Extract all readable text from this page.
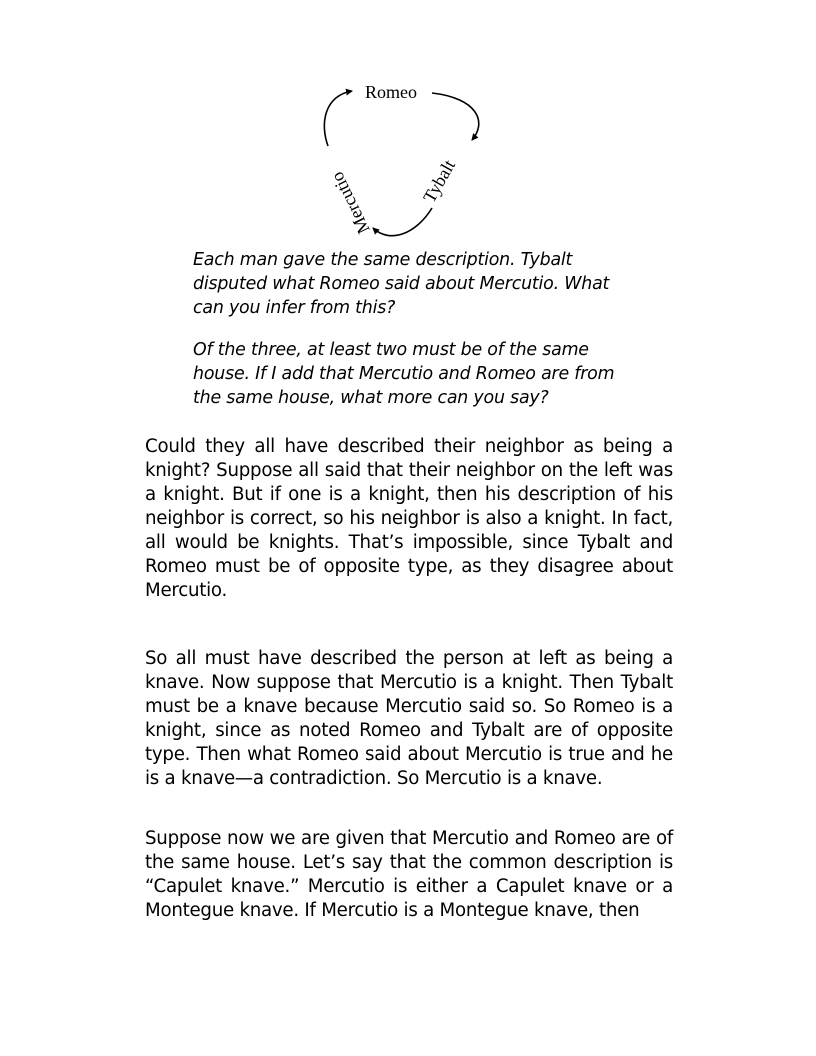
Romeo
Tybalt
Mercutio

Each man gave the same description. Tybalt disputed what Romeo said about Mercutio. What can you infer from this?

Of the three, at least two must be of the same house. If I add that Mercutio and Romeo are from the same house, what more can you say?

Could they all have described their neighbor as being a knight? Suppose all said that their neighbor on the left was a knight. But if one is a knight, then his description of his neighbor is correct, so his neighbor is also a knight. In fact, all would be knights. That’s impossible, since Tybalt and Romeo must be of opposite type, as they disagree about Mercutio.

So all must have described the person at left as being a knave. Now suppose that Mercutio is a knight. Then Tybalt must be a knave because Mercutio said so. So Romeo is a knight, since as noted Romeo and Tybalt are of opposite type. Then what Romeo said about Mercutio is true and he is a knave—a contradiction. So Mercutio is a knave.

Suppose now we are given that Mercutio and Romeo are of the same house. Let’s say that the common description is “Capulet knave.” Mercutio is either a Capulet knave or a Montegue knave. If Mercutio is a Montegue knave, then
